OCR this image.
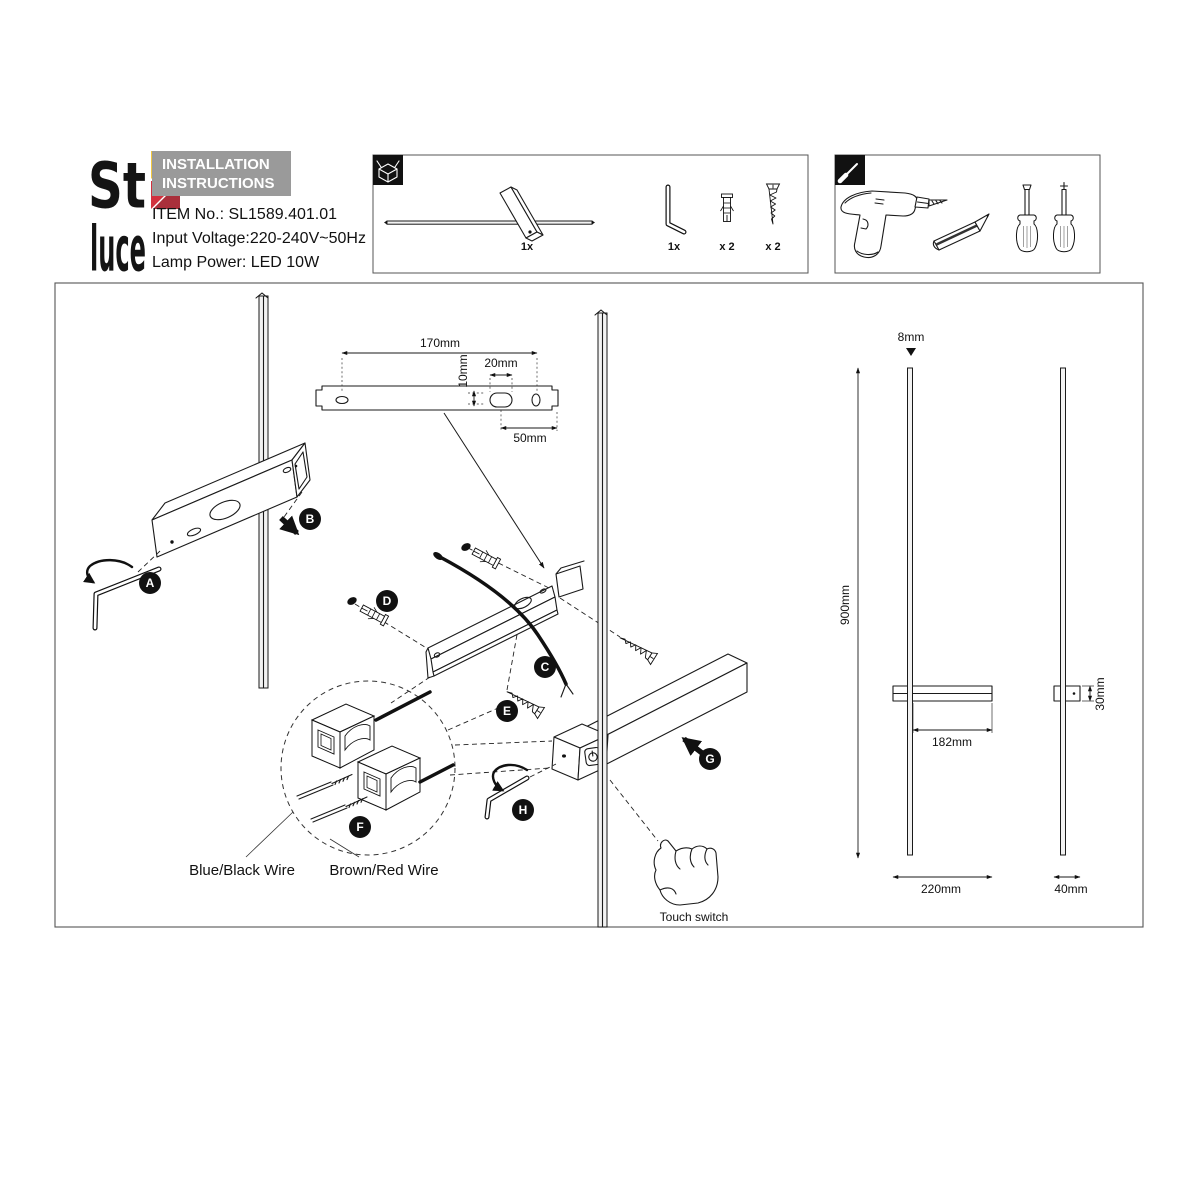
St
luce
INSTALLATION
INSTRUCTIONS
ITEM No.: SL1589.401.01
Input Voltage:220-240V~50Hz
Lamp Power: LED 10W
1x	1x	x 2	x 2
A
B
170mm
10mm 20mm
50mm
D
E
C
F
Blue/Black Wire Brown/Red Wire
G
H
Touch switch
8mm
900mm
182mm
220mm
30mm
40mm
